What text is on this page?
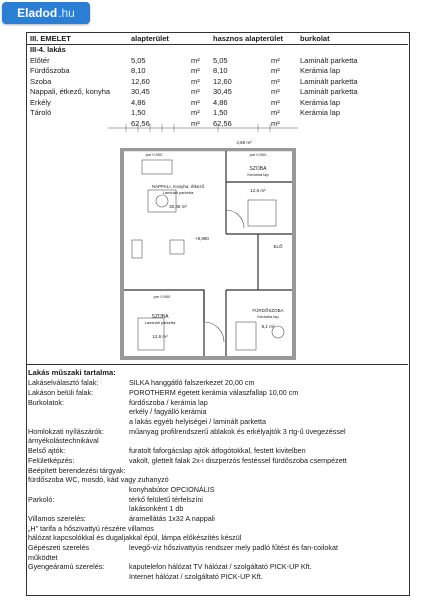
Eladod .hu
III. EMELET	alapterület	hasznos alapterület	burkolat
III-4. lakás
Előtér	5,05	m²	5,05	m²	Laminált parketta
Fürdőszoba	8,10	m²	8,10	m²	Kerámia lap
Szoba	12,60	m²	12,60	m²	Laminált parketta
Nappali, étkező, konyha	30,45	m²	30,45	m²	Laminált parketta
Erkély	4,86	m²	4,86	m²	Kerámia lap
Tároló	1,50	m²	1,50	m²	Kerámia lap
62,56	m²	62,56	m²
SZOBA
Kerámia lap
12,6 m²
NAPPALI, Konyha, étkező
Laminált parketta
30,45 m²
SZOBA
Laminált parketta
12,6 m²
FÜRDŐSZOBA
Kerámia lap
8,1 m²
ELŐ
4,86 m²
+8,980
pm 0,900	pm 0,900
pm 0,900
Lakás műszaki tartalma:
Lakáselválasztó falak:	SILKA hanggátló falszerkezet 20,00 cm
Lakáson belüli falak:	POROTHERM égetett kerámia válaszfallap 10,00 cm
Burkolatok:	fürdőszoba / kerámia lap
erkély / fagyálló kerámia
a lakás egyéb helyiségei / laminált parketta
Homlokzati nyílászárók:	műanyag profilrendszerű ablakok és erkélyajtók 3 rtg-ű üvegezéssel
árnyékolástechnikával
Belső ajtók:	furatolt faforgácslap ajtók átfogótokkal, festett kivitelben
Felületképzés:	vakolt, glettelt falak 2x-i diszperzós festéssel fürdőszoba csempézett
Beépített berendezési tárgyak:
fürdőszoba WC, mosdó, kád vagy zuhanyzó
konyhabútor OPCIONÁLIS
Parkoló:	térkő felületű térfelszíni
lakásonként 1 db
Villamos szerelés:	áramellátás 1x32 A nappali
„H” tarifa a hőszivattyú részére villamos
hálózat kapcsolókkal és dugaljakkal épül, lámpa előkészítés készül
Gépészeti szerelés	levegő-víz hőszivattyús rendszer mely padló fűtést és fan-coilokat
működtet
Gyengeáramú szerelés:	kaputelefon hálózat TV hálózat / szolgáltató PICK-UP Kft.
Internet hálózat / szolgáltató PICK-UP Kft.
